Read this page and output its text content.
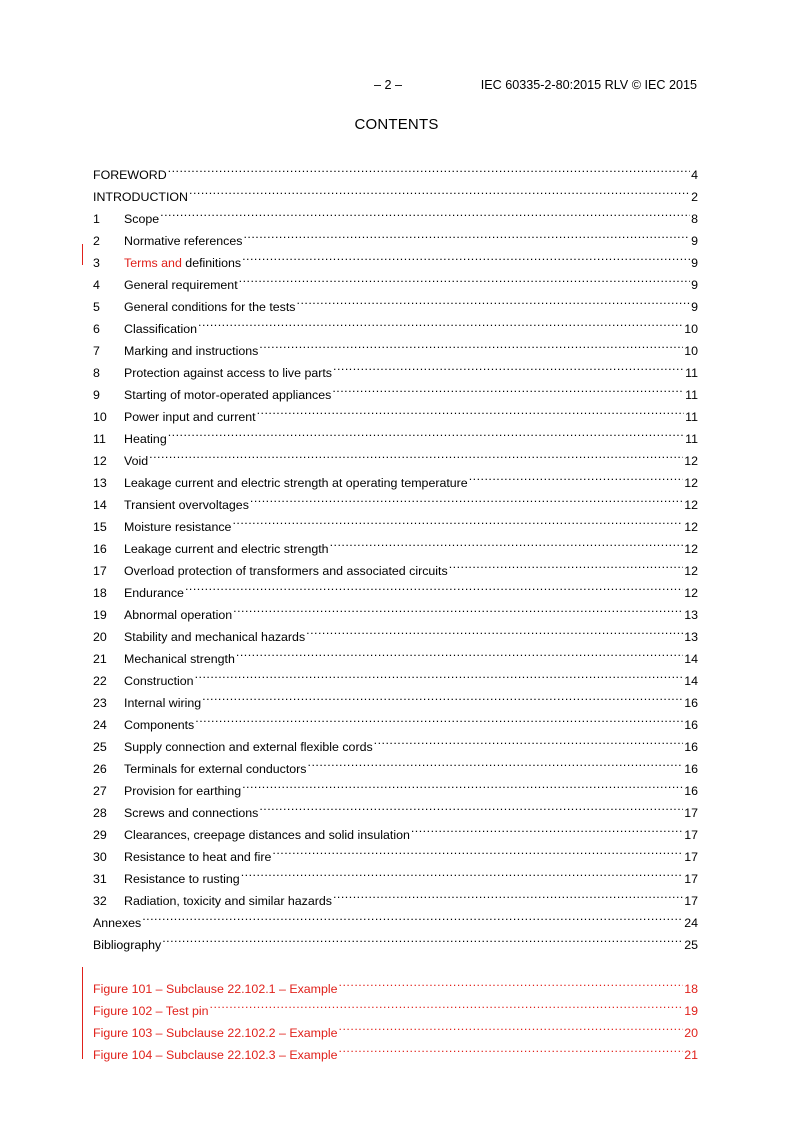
– 2 –	IEC 60335-2-80:2015 RLV © IEC 2015
CONTENTS
FOREWORD .....	4
INTRODUCTION .....	2
1	Scope .....	8
2	Normative references .....	9
3	Terms and definitions .....	9
4	General requirement .....	9
5	General conditions for the tests .....	9
6	Classification .....	10
7	Marking and instructions .....	10
8	Protection against access to live parts .....	11
9	Starting of motor-operated appliances .....	11
10	Power input and current .....	11
11	Heating .....	11
12	Void .....	12
13	Leakage current and electric strength at operating temperature .....	12
14	Transient overvoltages .....	12
15	Moisture resistance .....	12
16	Leakage current and electric strength .....	12
17	Overload protection of transformers and associated circuits .....	12
18	Endurance .....	12
19	Abnormal operation .....	13
20	Stability and mechanical hazards .....	13
21	Mechanical strength .....	14
22	Construction .....	14
23	Internal wiring .....	16
24	Components .....	16
25	Supply connection and external flexible cords .....	16
26	Terminals for external conductors .....	16
27	Provision for earthing .....	16
28	Screws and connections .....	17
29	Clearances, creepage distances and solid insulation .....	17
30	Resistance to heat and fire .....	17
31	Resistance to rusting .....	17
32	Radiation, toxicity and similar hazards .....	17
Annexes .....	24
Bibliography .....	25
Figure 101 – Subclause 22.102.1 – Example .....	18
Figure 102 – Test pin .....	19
Figure 103 – Subclause 22.102.2 – Example .....	20
Figure 104 – Subclause 22.102.3 – Example .....	21
